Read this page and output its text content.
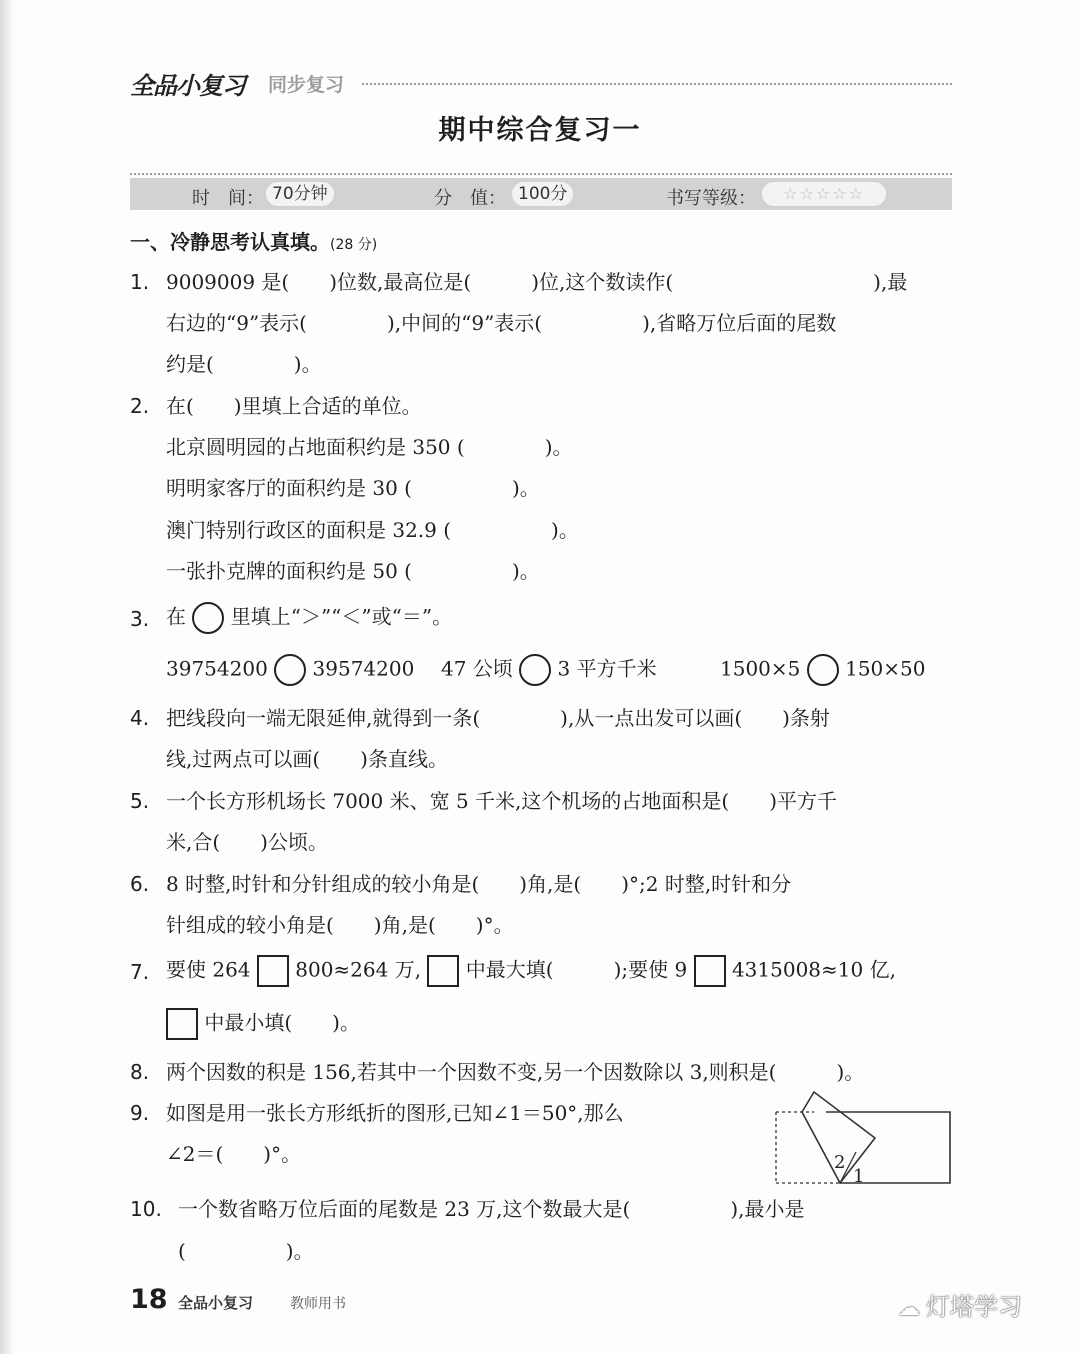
全品小复习 同步复习
期中综合复习一
时　间： 70分钟	分　值： 100分	书写等级：	☆☆☆☆☆
一、冷静思考认真填。(28 分)
1. 9009009 是(　　)位数,最高位是(　　　)位,这个数读作(　　　　　　　　　　),最
右边的“9”表示(　　　　),中间的“9”表示(　　　　　),省略万位后面的尾数
约是(　　　　)。
2. 在(　　)里填上合适的单位。
北京圆明园的占地面积约是 350 (　　　　)。
明明家客厅的面积约是 30 (　　　　　)。
澳门特别行政区的面积是 32.9 (　　　　　)。
一张扑克牌的面积约是 50 (　　　　　)。
3. 在 里填上“＞”“＜”或“＝”。
39754200 39574200 47 公顷 3 平方千米	1500×5 150×50
4. 把线段向一端无限延伸,就得到一条(　　　　),从一点出发可以画(　　)条射
线,过两点可以画(　　)条直线。
5. 一个长方形机场长 7000 米、宽 5 千米,这个机场的占地面积是(　　)平方千
米,合(　　)公顷。
6. 8 时整,时针和分针组成的较小角是(　　)角,是(　　)°;2 时整,时针和分
针组成的较小角是(　　)角,是(　　)°。
7. 要使 264 800≈264 万, 中最大填(　　　);要使 9 4315008≈10 亿,
中最小填(　　)。
8. 两个因数的积是 156,若其中一个因数不变,另一个因数除以 3,则积是(　　　)。
9. 如图是用一张长方形纸折的图形,已知∠1＝50°,那么
∠2＝(　　)°。	2
1
10. 一个数省略万位后面的尾数是 23 万,这个数最大是(　　　　　),最小是
(　　　　　)。
18 全品小复习	教师用书	☁ 灯塔学习
